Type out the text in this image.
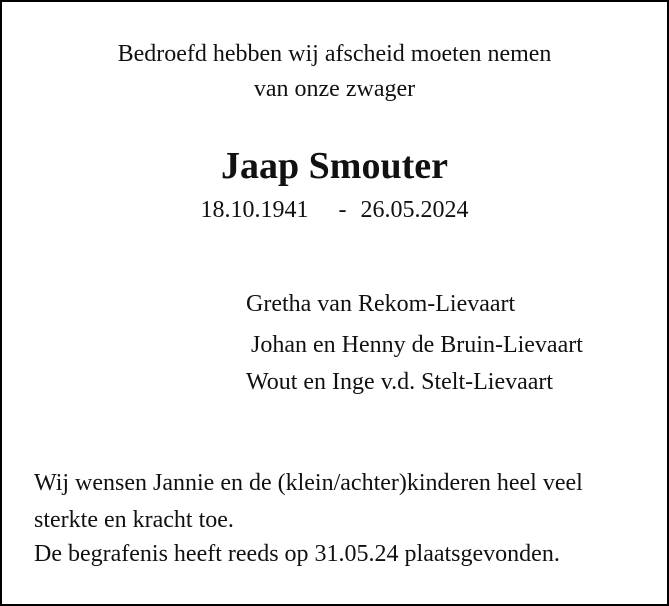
Bedroefd hebben wij afscheid moeten nemen
van onze zwager
Jaap Smouter
18.10.1941 - 26.05.2024
Gretha van Rekom-Lievaart
Johan en Henny de Bruin-Lievaart
Wout en Inge v.d. Stelt-Lievaart
Wij wensen Jannie en de (klein/achter)kinderen heel veel
sterkte en kracht toe.
De begrafenis heeft reeds op 31.05.24 plaatsgevonden.
